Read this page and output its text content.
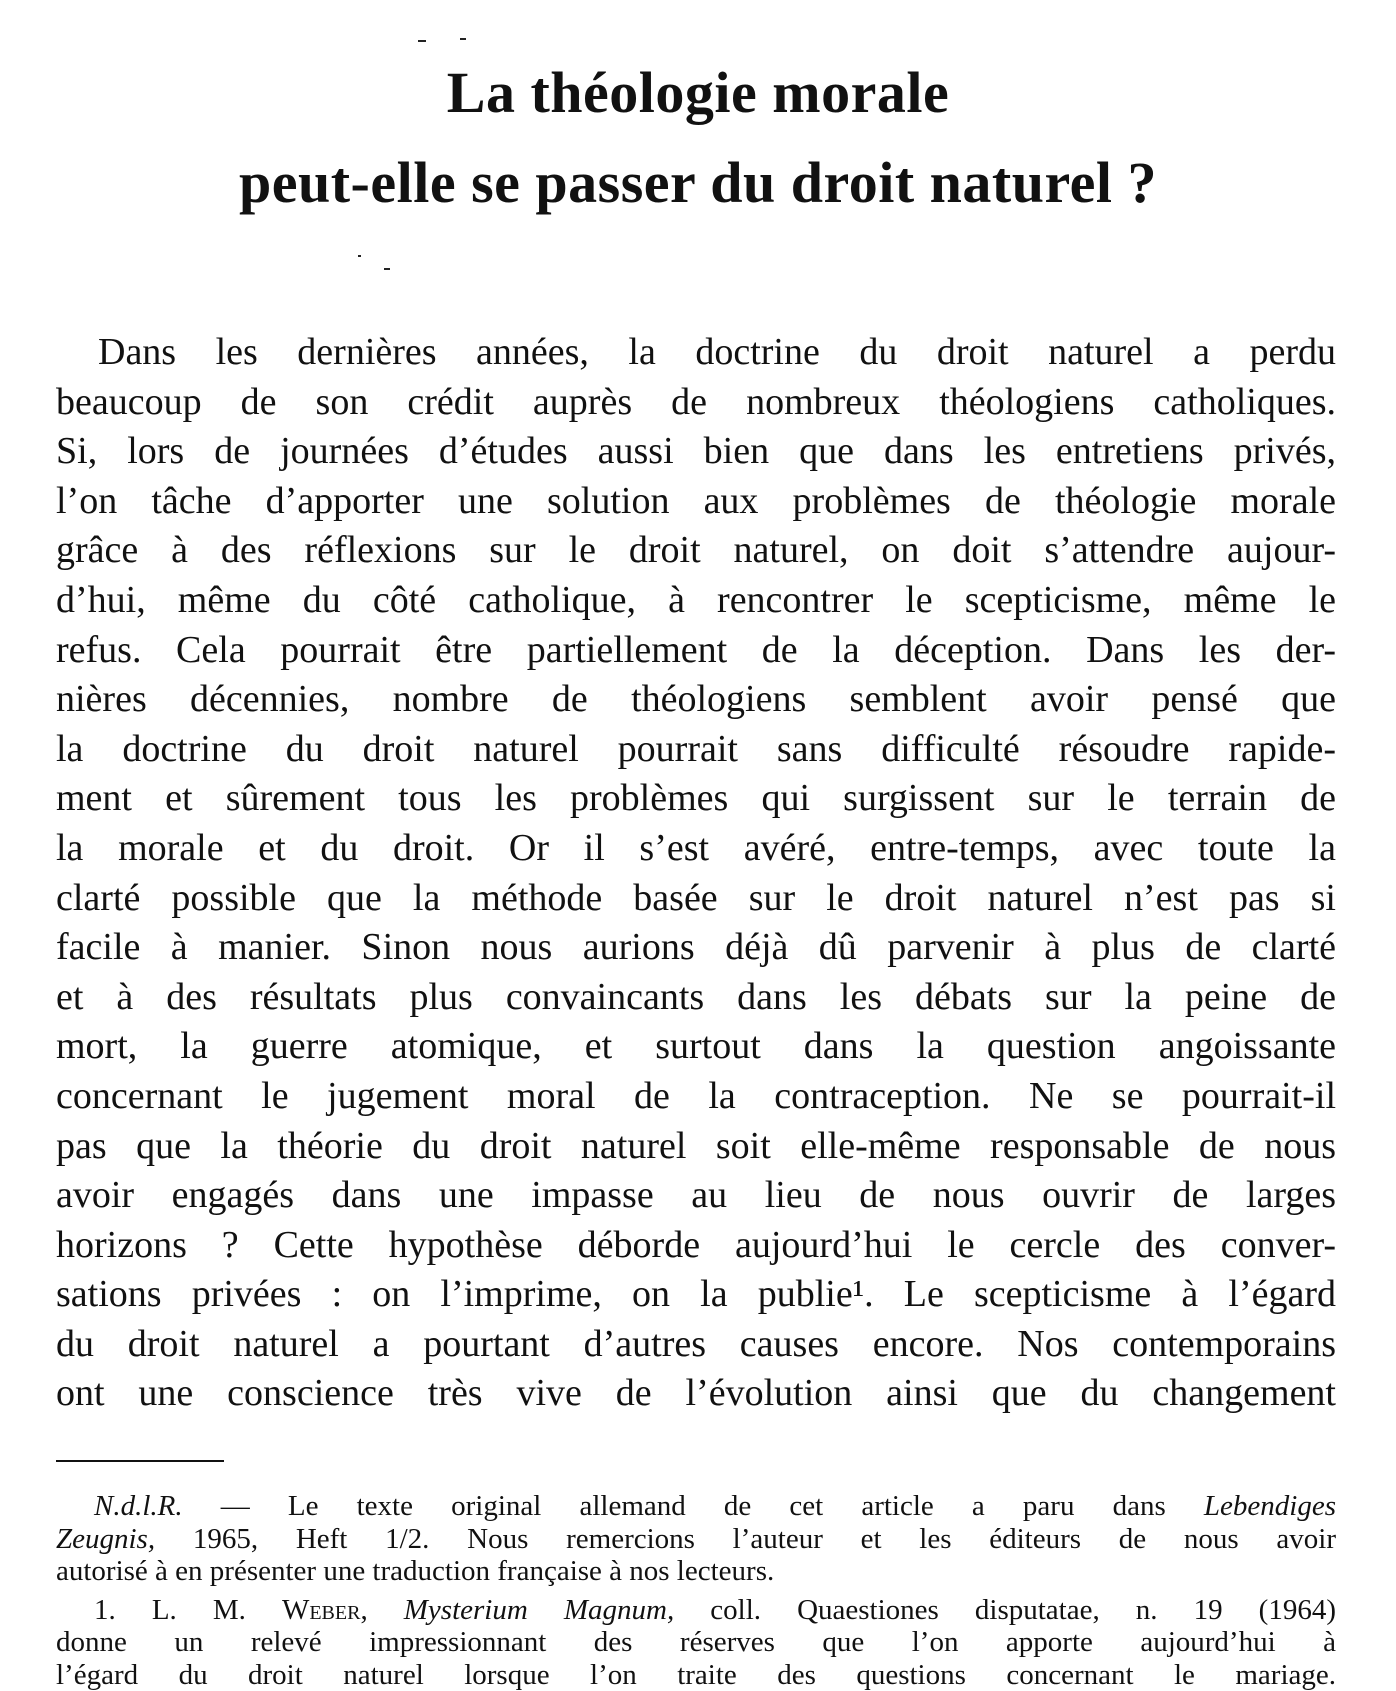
La théologie morale
peut-elle se passer du droit naturel ?
Dans les dernières années, la doctrine du droit naturel a perdu
beaucoup de son crédit auprès de nombreux théologiens catholiques.
Si, lors de journées d’études aussi bien que dans les entretiens privés,
l’on tâche d’apporter une solution aux problèmes de théologie morale
grâce à des réflexions sur le droit naturel, on doit s’attendre aujour-
d’hui, même du côté catholique, à rencontrer le scepticisme, même le
refus. Cela pourrait être partiellement de la déception. Dans les der-
nières décennies, nombre de théologiens semblent avoir pensé que
la doctrine du droit naturel pourrait sans difficulté résoudre rapide-
ment et sûrement tous les problèmes qui surgissent sur le terrain de
la morale et du droit. Or il s’est avéré, entre-temps, avec toute la
clarté possible que la méthode basée sur le droit naturel n’est pas si
facile à manier. Sinon nous aurions déjà dû parvenir à plus de clarté
et à des résultats plus convaincants dans les débats sur la peine de
mort, la guerre atomique, et surtout dans la question angoissante
concernant le jugement moral de la contraception. Ne se pourrait-il
pas que la théorie du droit naturel soit elle-même responsable de nous
avoir engagés dans une impasse au lieu de nous ouvrir de larges
horizons ? Cette hypothèse déborde aujourd’hui le cercle des conver-
sations privées : on l’imprime, on la publie¹. Le scepticisme à l’égard
du droit naturel a pourtant d’autres causes encore. Nos contemporains
ont une conscience très vive de l’évolution ainsi que du changement
N.d.l.R. — Le texte original allemand de cet article a paru dans Lebendiges
Zeugnis, 1965, Heft 1/2. Nous remercions l’auteur et les éditeurs de nous avoir
autorisé à en présenter une traduction française à nos lecteurs.
1. L. M. Weber, Mysterium Magnum, coll. Quaestiones disputatae, n. 19 (1964)
donne un relevé impressionnant des réserves que l’on apporte aujourd’hui à
l’égard du droit naturel lorsque l’on traite des questions concernant le mariage.
